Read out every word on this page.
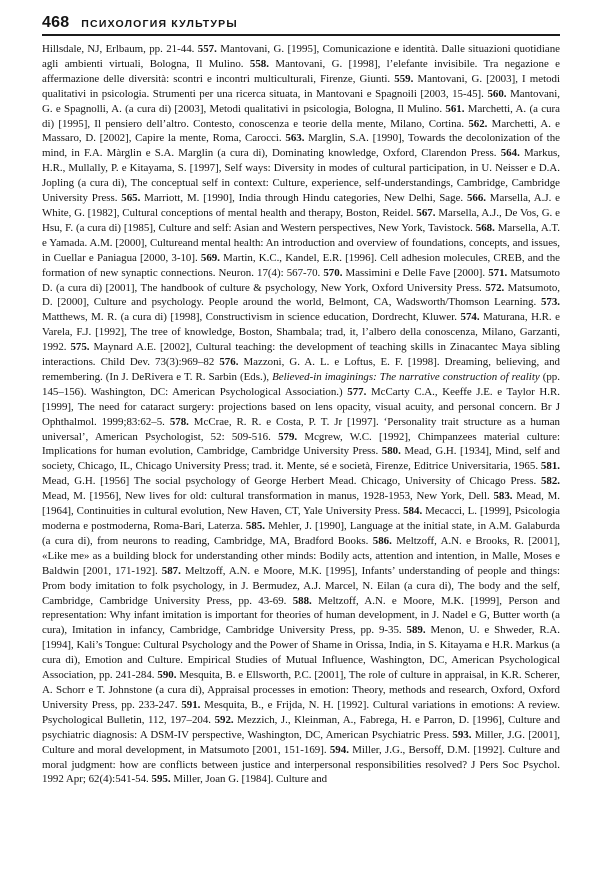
468 ПСИХОЛОГИЯ КУЛЬТУРЫ

Hillsdale, NJ, Erlbaum, pp. 21-44. 557. Mantovani, G. [1995], Comunicazione e identità. Dalle situazioni quotidiane agli ambienti virtuali, Bologna, Il Mulino. 558. Mantovani, G. [1998], l’elefante invisibile. Tra negazione e affermazione delle diversità: scontri e incontri multiculturali, Firenze, Giunti. 559. Mantovani, G. [2003], I metodi qualitativi in psicologia. Strumenti per una ricerca situata, in Mantovani e Spagnoili [2003, 15-45]. 560. Mantovani, G. e Spagnolli, A. (a cura di) [2003], Metodi qualitativi in psicologia, Bologna, Il Mulino. 561. Marchetti, A. (a cura di) [1995], Il pensiero dell’altro. Contesto, conoscenza e teorie della mente, Milano, Cortina. 562. Marchetti, A. e Massaro, D. [2002], Capire la mente, Roma, Carocci. 563. Marglin, S.A. [1990], Towards the decolonization of the mind, in F.A. Màrglin e S.A. Marglin (a cura di), Dominating knowledge, Oxford, Clarendon Press. 564. Markus, H.R., Mullally, P. e Kitayama, S. [1997], Self ways: Diversity in modes of cultural participation, in U. Neisser e D.A. Jopling (a cura di), The conceptual self in context: Culture, experience, self-understandings, Cambridge, Cambridge University Press. 565. Marriott, M. [1990], India through Hindu categories, New Delhi, Sage. 566. Marsella, A.J. e White, G. [1982], Cultural conceptions of mental health and therapy, Boston, Reidel. 567. Marsella, A.J., De Vos, G. e Hsu, F. (a cura di) [1985], Culture and self: Asian and Western perspectives, New York, Tavistock. 568. Marsella, A.T. e Yamada. A.M. [2000], Cultureand mental health: An introduction and overview of foundations, concepts, and issues, in Cuellar e Paniagua [2000, 3-10]. 569. Martin, K.C., Kandel, E.R. [1996]. Cell adhesion molecules, CREB, and the formation of new synaptic connections. Neuron. 17(4): 567-70. 570. Massimini e Delle Fave [2000]. 571. Matsumoto D. (a cura di) [2001], The handbook of culture & psychology, New York, Oxford University Press. 572. Matsumoto, D. [2000], Culture and psychology. People around the world, Belmont, CA, Wadsworth/Thomson Learning. 573. Matthews, M. R. (a cura di) [1998], Constructivism in science education, Dordrecht, Kluwer. 574. Maturana, H.R. e Varela, F.J. [1992], The tree of knowledge, Boston, Shambala; trad, it, l’albero della conoscenza, Milano, Garzanti, 1992. 575. Maynard A.E. [2002], Cultural teaching: the development of teaching skills in Zinacantec Maya sibling interactions. Child Dev. 73(3):969–82 576. Mazzoni, G. A. L. e Loftus, E. F. [1998]. Dreaming, believing, and remembering. (In J. DeRivera e T. R. Sarbin (Eds.), Believed-in imaginings: The narrative construction of reality (pp. 145–156). Washington, DC: American Psychological Association.) 577. McCarty C.A., Keeffe J.E. e Taylor H.R. [1999], The need for cataract surgery: projections based on lens opacity, visual acuity, and personal concern. Br J Ophthalmol. 1999;83:62–5. 578. McCrae, R. R. e Costa, P. T. Jr [1997]. ‘Personality trait structure as a human universal’, American Psychologist, 52: 509-516. 579. Mcgrew, W.C. [1992], Chimpanzees material culture: Implications for human evolution, Cambridge, Cambridge University Press. 580. Mead, G.H. [1934], Mind, self and society, Chicago, IL, Chicago University Press; trad. it. Mente, sé e società, Firenze, Editrice Universitaria, 1965. 581. Mead, G.H. [1956] The social psychology of George Herbert Mead. Chicago, University of Chicago Press. 582. Mead, M. [1956], New lives for old: cultural transformation in manus, 1928-1953, New York, Dell. 583. Mead, M. [1964], Continuities in cultural evolution, New Haven, CT, Yale University Press. 584. Mecacci, L. [1999], Psicologia moderna e postmoderna, Roma-Bari, Laterza. 585. Mehler, J. [1990], Language at the initial state, in A.M. Galaburda (a cura di), from neurons to reading, Cambridge, MA, Bradford Books. 586. Meltzoff, A.N. e Brooks, R. [2001], «Like me» as a building block for understanding other minds: Bodily acts, attention and intention, in Malle, Moses e Baldwin [2001, 171-192]. 587. Meltzoff, A.N. e Moore, M.K. [1995], Infants’ understanding of people and things: Prom body imitation to folk psychology, in J. Bermudez, A.J. Marcel, N. Eilan (a cura di), The body and the self, Cambridge, Cambridge University Press, pp. 43-69. 588. Meltzoff, A.N. e Moore, M.K. [1999], Person and representation: Why infant imitation is important for theories of human development, in J. Nadel e G, Butter worth (a cura), Imitation in infancy, Cambridge, Cambridge University Press, pp. 9-35. 589. Menon, U. e Shweder, R.A. [1994], Kali’s Tongue: Cultural Psychology and the Power of Shame in Orissa, India, in S. Kitayama e H.R. Markus (a cura di), Emotion and Culture. Empirical Studies of Mutual Influence, Washington, DC, American Psychological Association, pp. 241-284. 590. Mesquita, B. e Ellsworth, P.C. [2001], The role of culture in appraisal, in K.R. Scherer, A. Schorr e T. Johnstone (a cura di), Appraisal processes in emotion: Theory, methods and research, Oxford, Oxford University Press, pp. 233-247. 591. Mesquita, B., e Frijda, N. H. [1992]. Cultural variations in emotions: A review. Psychological Bulletin, 112, 197–204. 592. Mezzich, J., Kleinman, A., Fabrega, H. e Parron, D. [1996], Culture and psychiatric diagnosis: A DSM-IV perspective, Washington, DC, American Psychiatric Press. 593. Miller, J.G. [2001], Culture and moral development, in Matsumoto [2001, 151-169]. 594. Miller, J.G., Bersoff, D.M. [1992]. Culture and moral judgment: how are conflicts between justice and interpersonal responsibilities resolved? J Pers Soc Psychol. 1992 Apr; 62(4):541-54. 595. Miller, Joan G. [1984]. Culture and
